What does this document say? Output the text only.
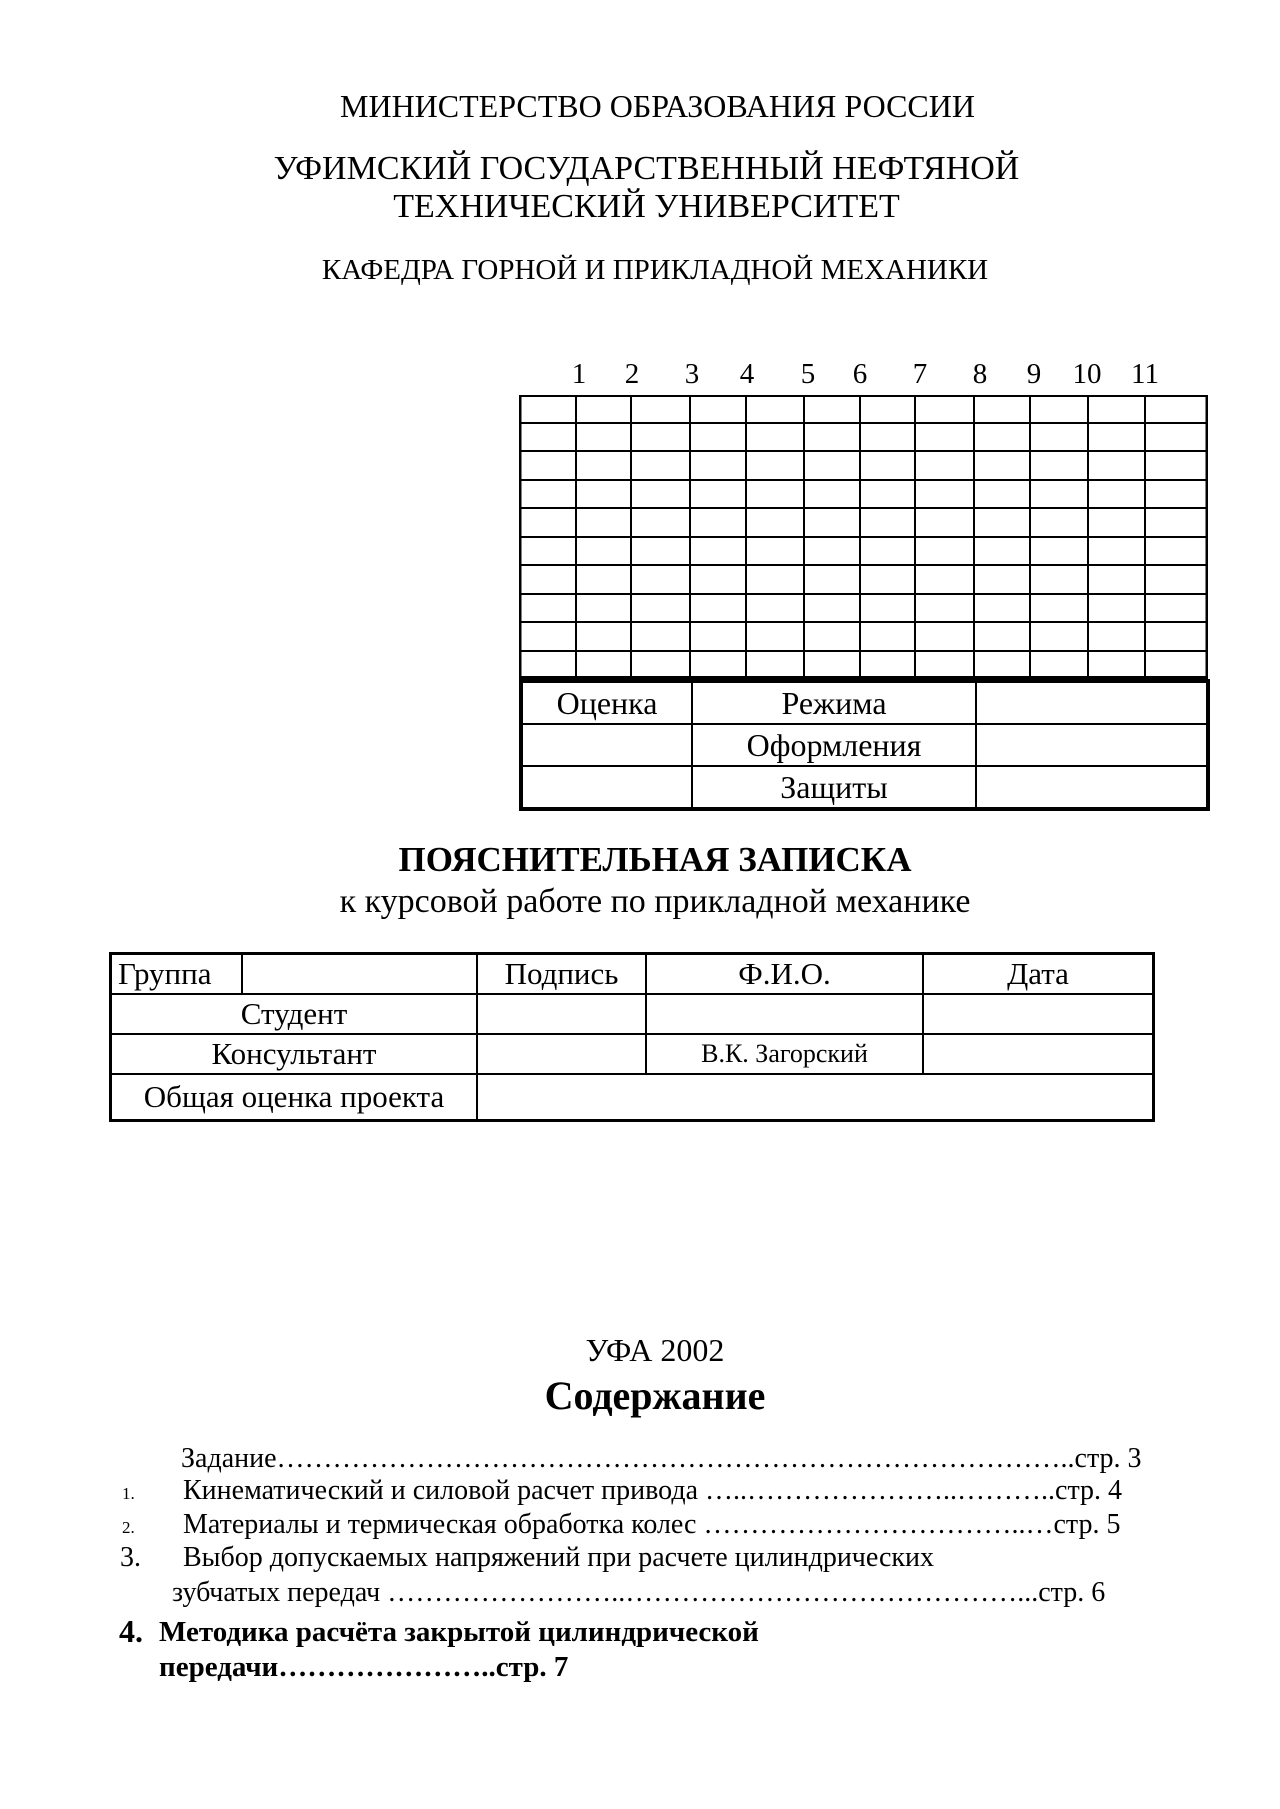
МИНИСТЕРСТВО ОБРАЗОВАНИЯ РОССИИ
УФИМСКИЙ ГОСУДАРСТВЕННЫЙ НЕФТЯНОЙ
ТЕХНИЧЕСКИЙ УНИВЕРСИТЕТ
КАФЕДРА ГОРНОЙ И ПРИКЛАДНОЙ МЕХАНИКИ
1 2 3 4 5 6 7 8 9 10 11
Оценка	Режима	
	Оформления	
	Защиты	
ПОЯСНИТЕЛЬНАЯ ЗАПИСКА
к курсовой работе по прикладной механике
Группа		Подпись	Ф.И.О.	Дата
Студент				
Консультант			В.К. Загорский	
Общая оценка проекта				
УФА 2002
Содержание
Задание…………………………………………………………………………..стр. 3
1. Кинематический и силовой расчет привода …..…………………..………..стр. 4
2. Материалы и термическая обработка колес ……………………………..…стр. 5
3. Выбор допускаемых напряжений при расчете цилиндрических
зубчатых передач ……………………..……………………………………...стр. 6
4. Методика расчёта закрытой цилиндрической
передачи…………………..стр. 7
